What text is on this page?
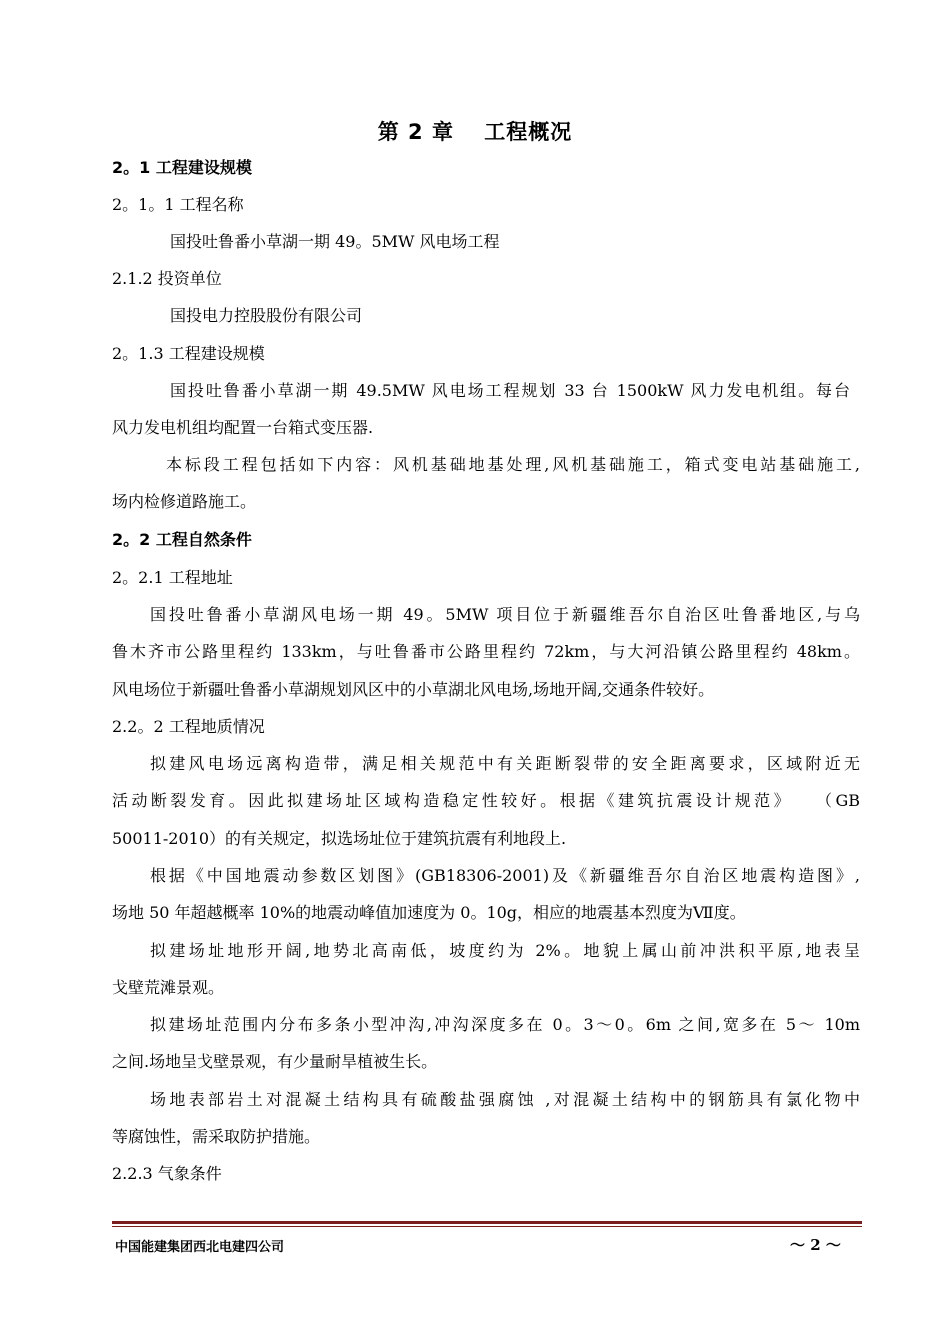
第 2 章　 工程概况
2。1 工程建设规模
2。1。1 工程名称
国投吐鲁番小草湖一期 49。5MW 风电场工程
2.1.2 投资单位
国投电力控股股份有限公司
2。1.3 工程建设规模
国投吐鲁番小草湖一期 49.5MW 风电场工程规划 33 台 1500kW 风力发电机组。每台
风力发电机组均配置一台箱式变压器.
本标段工程包括如下内容：风机基础地基处理,风机基础施工，箱式变电站基础施工,
场内检修道路施工。
2。2 工程自然条件
2。2.1 工程地址
国投吐鲁番小草湖风电场一期 49。5MW 项目位于新疆维吾尔自治区吐鲁番地区,与乌
鲁木齐市公路里程约 133km，与吐鲁番市公路里程约 72km，与大河沿镇公路里程约 48km。
风电场位于新疆吐鲁番小草湖规划风区中的小草湖北风电场,场地开阔,交通条件较好。
2.2。2 工程地质情况
拟建风电场远离构造带，满足相关规范中有关距断裂带的安全距离要求，区域附近无
活动断裂发育。因此拟建场址区域构造稳定性较好。根据《建筑抗震设计规范》　　（GB
50011-2010）的有关规定，拟选场址位于建筑抗震有利地段上.
根据《中国地震动参数区划图》(GB18306-2001)及《新疆维吾尔自治区地震构造图》,
场地 50 年超越概率 10%的地震动峰值加速度为 0。10g，相应的地震基本烈度为Ⅶ度。
拟建场址地形开阔,地势北高南低，坡度约为 2%。地貌上属山前冲洪积平原,地表呈
戈壁荒滩景观。
拟建场址范围内分布多条小型冲沟,冲沟深度多在 0。3～0。6m 之间,宽多在 5～ 10m
之间.场地呈戈壁景观，有少量耐旱植被生长。
场地表部岩土对混凝土结构具有硫酸盐强腐蚀 ,对混凝土结构中的钢筋具有氯化物中
等腐蚀性，需采取防护措施。
2.2.3 气象条件
中国能建集团西北电建四公司	～ 2 ～
